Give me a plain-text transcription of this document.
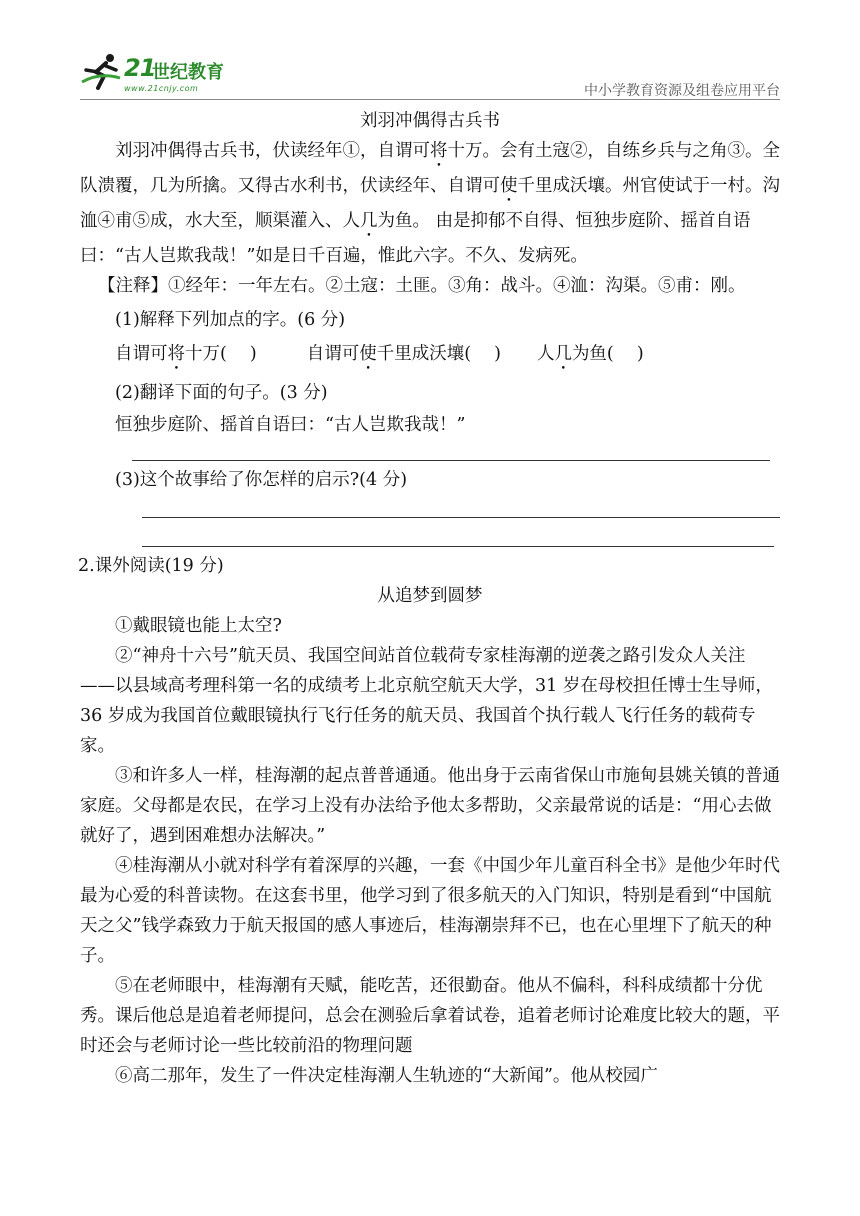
21
世纪教育
www.21cnjy.com	中小学教育资源及组卷应用平台

刘羽冲偶得古兵书

刘羽冲偶得古兵书，伏读经年①，自谓可将十万。会有土寇②，自练乡兵与之角③。全队溃覆，几为所擒。又得古水利书，伏读经年、自谓可使千里成沃壤。州官使试于一村。沟洫④甫⑤成，水大至，顺渠灌入、人几为鱼。 由是抑郁不自得、恒独步庭阶、摇首自语曰：“古人岂欺我哉！”如是日千百遍，惟此六字。不久、发病死。

【注释】①经年：一年左右。②土寇：土匪。③角：战斗。④洫：沟渠。⑤甫：刚。

(1)解释下列加点的字。(6 分)

自谓可将十万(　 )	自谓可使千里成沃壤(　 ) 人几为鱼(　 )

(2)翻译下面的句子。(3 分)

恒独步庭阶、摇首自语曰：“古人岂欺我哉！”

(3)这个故事给了你怎样的启示?(4 分)

2.课外阅读(19 分)

从追梦到圆梦

①戴眼镜也能上太空?

②“神舟十六号”航天员、我国空间站首位载荷专家桂海潮的逆袭之路引发众人关注——以县域高考理科第一名的成绩考上北京航空航天大学，31 岁在母校担任博士生导师，36 岁成为我国首位戴眼镜执行飞行任务的航天员、我国首个执行载人飞行任务的载荷专家。

③和许多人一样，桂海潮的起点普普通通。他出身于云南省保山市施甸县姚关镇的普通家庭。父母都是农民，在学习上没有办法给予他太多帮助，父亲最常说的话是：“用心去做就好了，遇到困难想办法解决。”

④桂海潮从小就对科学有着深厚的兴趣，一套《中国少年儿童百科全书》是他少年时代最为心爱的科普读物。在这套书里，他学习到了很多航天的入门知识，特别是看到“中国航天之父”钱学森致力于航天报国的感人事迹后，桂海潮崇拜不已，也在心里埋下了航天的种子。

⑤在老师眼中，桂海潮有天赋，能吃苦，还很勤奋。他从不偏科，科科成绩都十分优秀。课后他总是追着老师提问，总会在测验后拿着试卷，追着老师讨论难度比较大的题，平时还会与老师讨论一些比较前沿的物理问题

⑥高二那年，发生了一件决定桂海潮人生轨迹的“大新闻”。他从校园广
